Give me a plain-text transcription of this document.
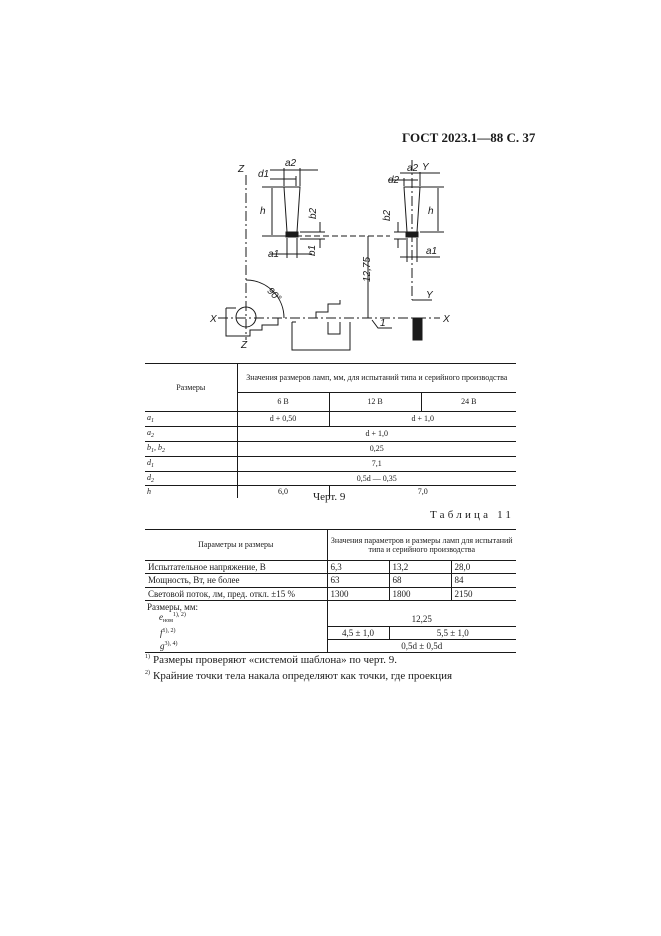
ГОСТ 2023.1—88 С. 37
Z
Z
X	X
Y
Y
a2
d1
h	b2
a1	b1
d2
a2
h
b2
a1
12,75
90°
1
Размеры	Значения размеров ламп, мм, для испытаний типа и серийного производства		
	6 В	12 В	24 В
$a_1$	d + 0,50	d + 1,0	
$a_2$	d + 1,0		
$b_1$, $b_2$	0,25		
$d_1$	7,1		
$d_2$	0,5d — 0,35		
h	6,0	7,0	
Черт. 9
Таблица 11
Параметры и размеры	Значения параметров и размеры ламп для испытаний типа и серийного производства		
Испытательное напряжение, В	6,3	13,2	28,0
Мощность, Вт, не более	63	68	84
Световой поток, лм, пред. откл. ±15 %	1300	1800	2150

Размеры, мм:
$e_{ном}^{1), 2)}$	12,25		
$f^{1), 2)}$	4,5 ± 1,0	5,5 ± 1,0	
$g^{3), 4)}$	0,5d ± 0,5d		
$^{1)}$ Размеры проверяют «системой шаблона» по черт. 9.
$^{2)}$ Крайние точки тела накала определяют как точки, где проекция
